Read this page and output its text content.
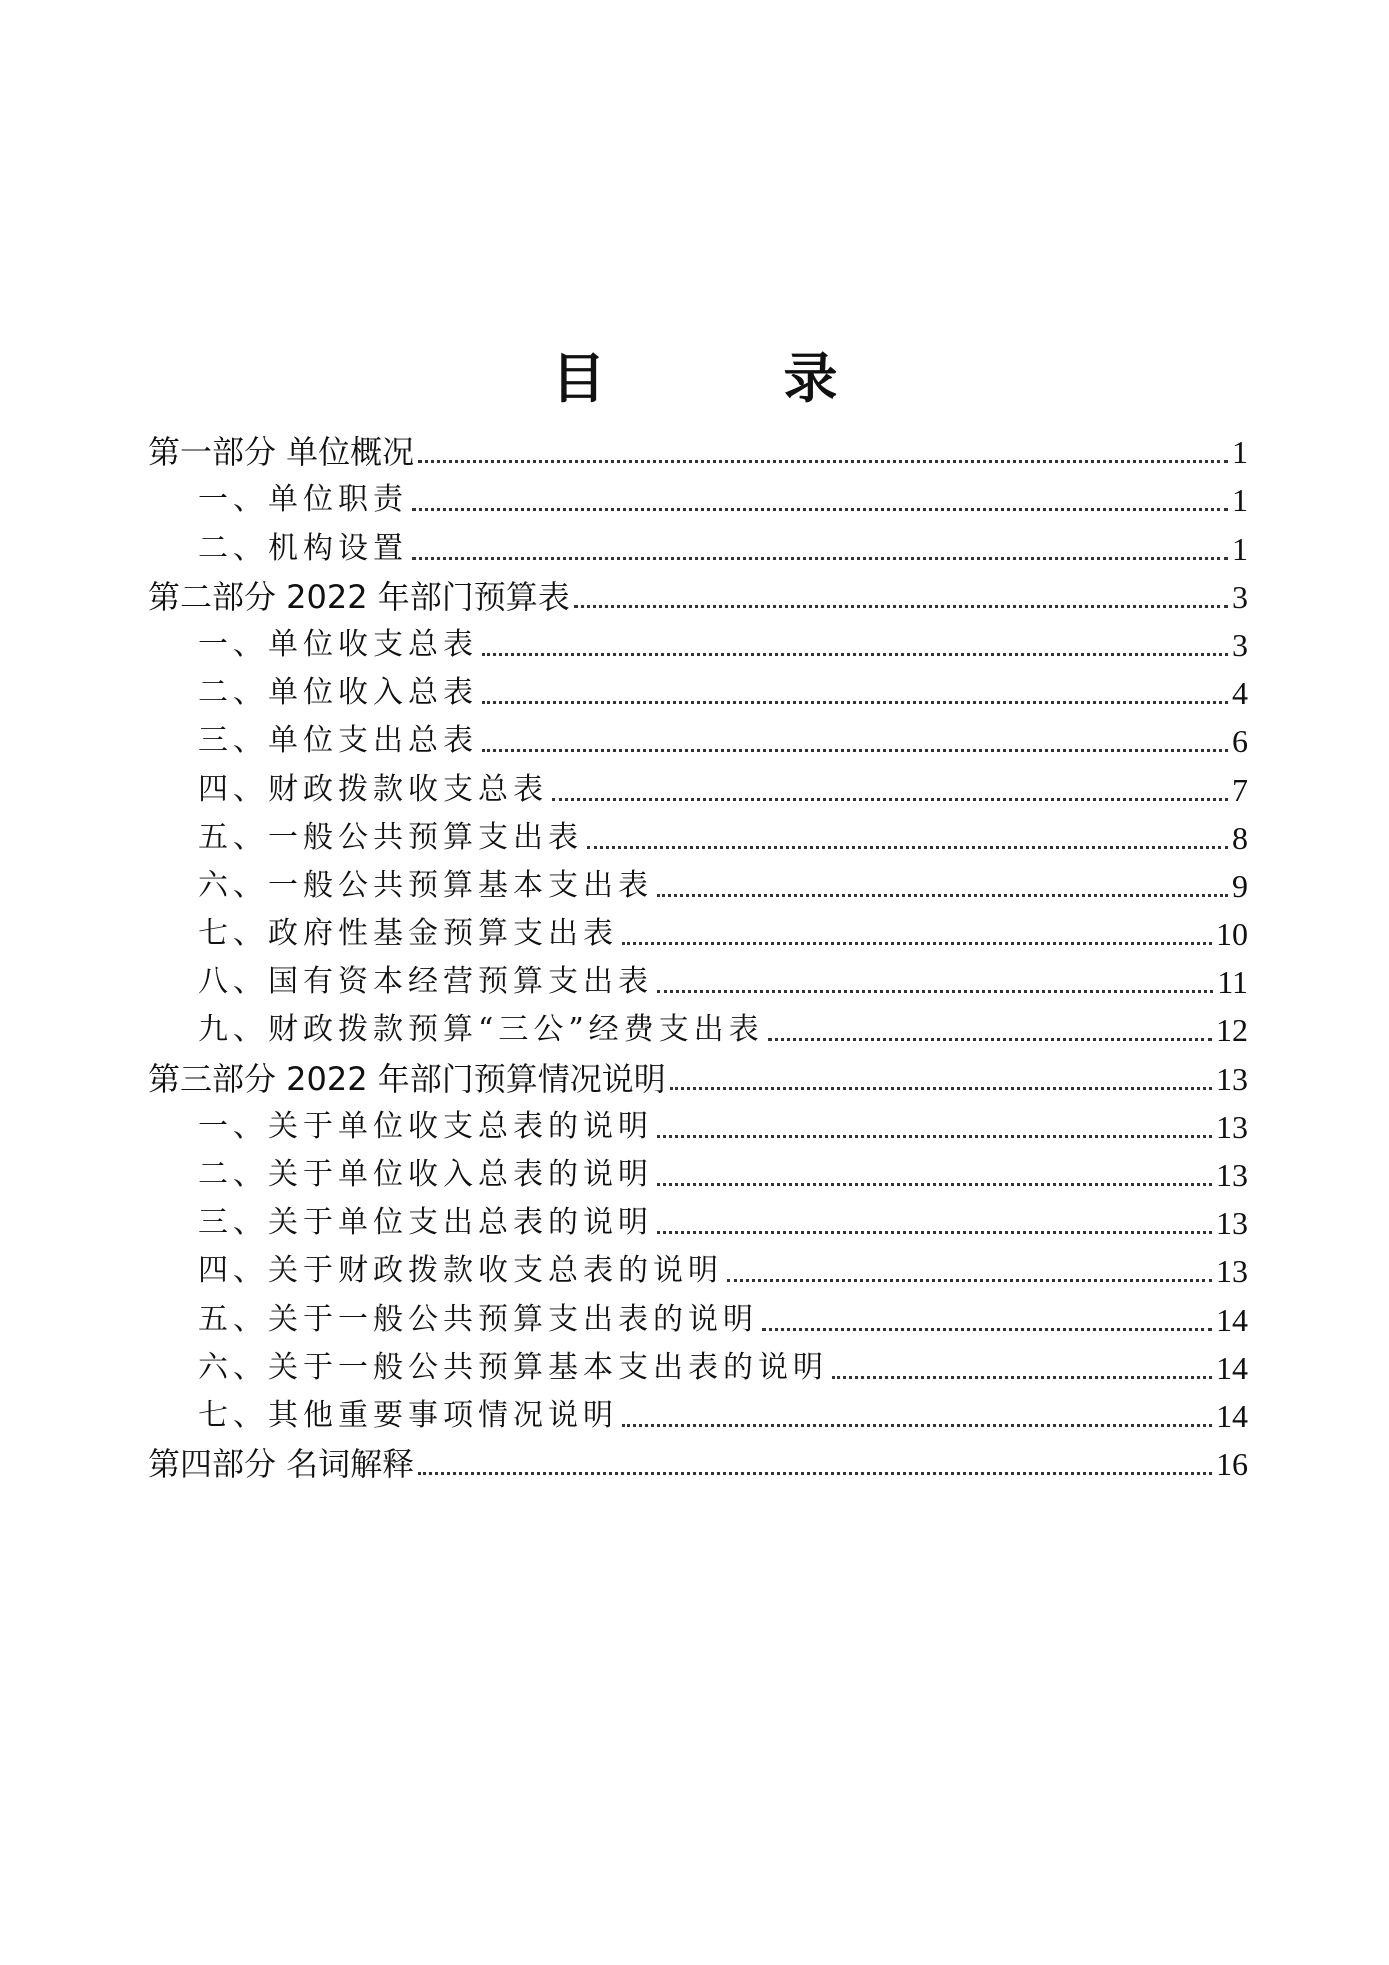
目　录
第一部分 单位概况	1
一、单位职责	1
二、机构设置	1
第二部分 2022 年部门预算表	3
一、单位收支总表	3
二、单位收入总表	4
三、单位支出总表	6
四、财政拨款收支总表	7
五、一般公共预算支出表	8
六、一般公共预算基本支出表	9
七、政府性基金预算支出表	10
八、国有资本经营预算支出表	11
九、财政拨款预算“三公”经费支出表	12
第三部分 2022 年部门预算情况说明	13
一、关于单位收支总表的说明	13
二、关于单位收入总表的说明	13
三、关于单位支出总表的说明	13
四、关于财政拨款收支总表的说明	13
五、关于一般公共预算支出表的说明	14
六、关于一般公共预算基本支出表的说明	14
七、其他重要事项情况说明	14
第四部分 名词解释	16
